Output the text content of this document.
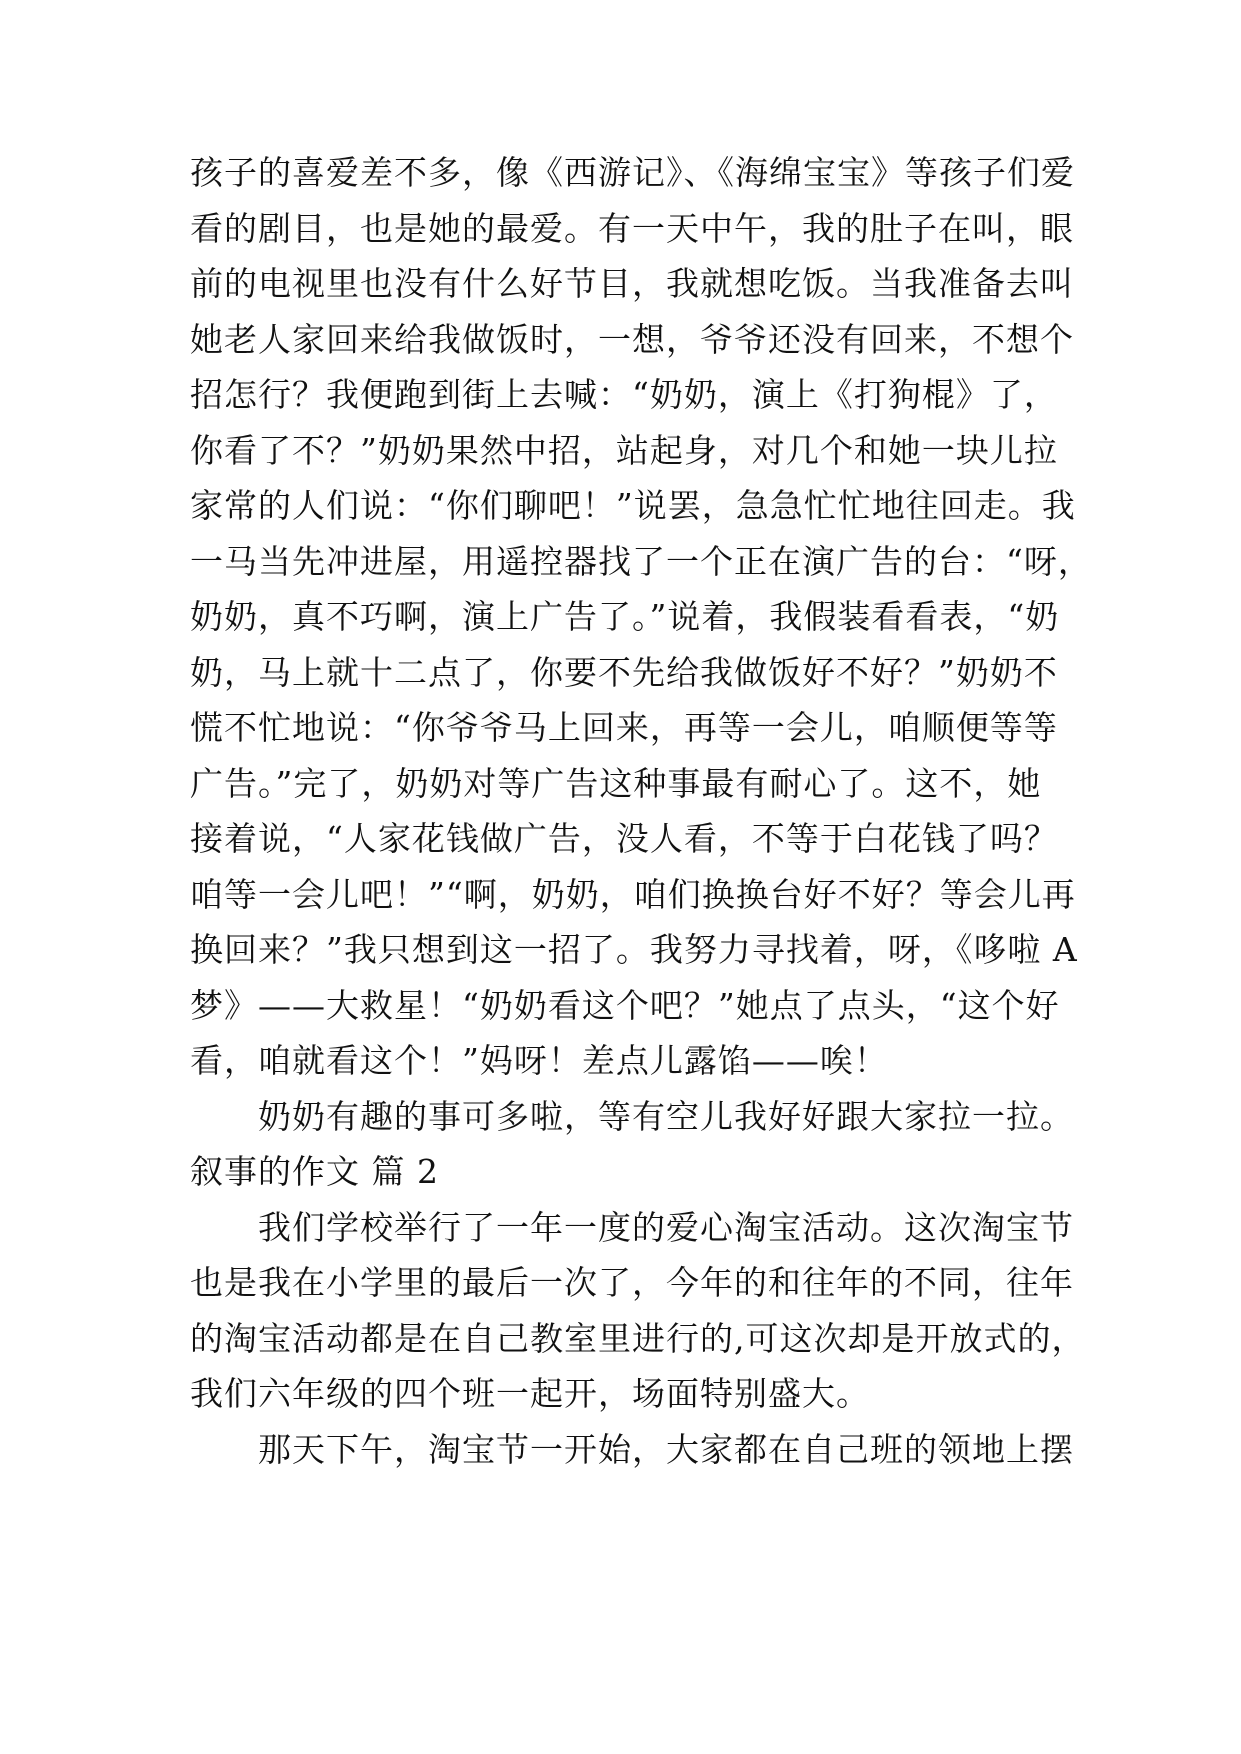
孩子的喜爱差不多，像《西游记》、《海绵宝宝》等孩子们爱
看的剧目，也是她的最爱。有一天中午，我的肚子在叫，眼
前的电视里也没有什么好节目，我就想吃饭。当我准备去叫
她老人家回来给我做饭时，一想，爷爷还没有回来，不想个
招怎行？我便跑到街上去喊：“奶奶，演上《打狗棍》了，
你看了不？”奶奶果然中招，站起身，对几个和她一块儿拉
家常的人们说：“你们聊吧！”说罢，急急忙忙地往回走。我
一马当先冲进屋，用遥控器找了一个正在演广告的台：“呀，
奶奶，真不巧啊，演上广告了。”说着，我假装看看表，“奶
奶，马上就十二点了，你要不先给我做饭好不好？”奶奶不
慌不忙地说：“你爷爷马上回来，再等一会儿，咱顺便等等
广告。”完了，奶奶对等广告这种事最有耐心了。这不，她
接着说，“人家花钱做广告，没人看，不等于白花钱了吗？
咱等一会儿吧！”“啊，奶奶，咱们换换台好不好？等会儿再
换回来？”我只想到这一招了。我努力寻找着，呀，《哆啦 A
梦》——大救星！“奶奶看这个吧？”她点了点头，“这个好
看，咱就看这个！”妈呀！差点儿露馅——唉！
奶奶有趣的事可多啦，等有空儿我好好跟大家拉一拉。
叙事的作文 篇 2
我们学校举行了一年一度的爱心淘宝活动。这次淘宝节
也是我在小学里的最后一次了，今年的和往年的不同，往年
的淘宝活动都是在自己教室里进行的,可这次却是开放式的，
我们六年级的四个班一起开，场面特别盛大。
那天下午，淘宝节一开始，大家都在自己班的领地上摆
